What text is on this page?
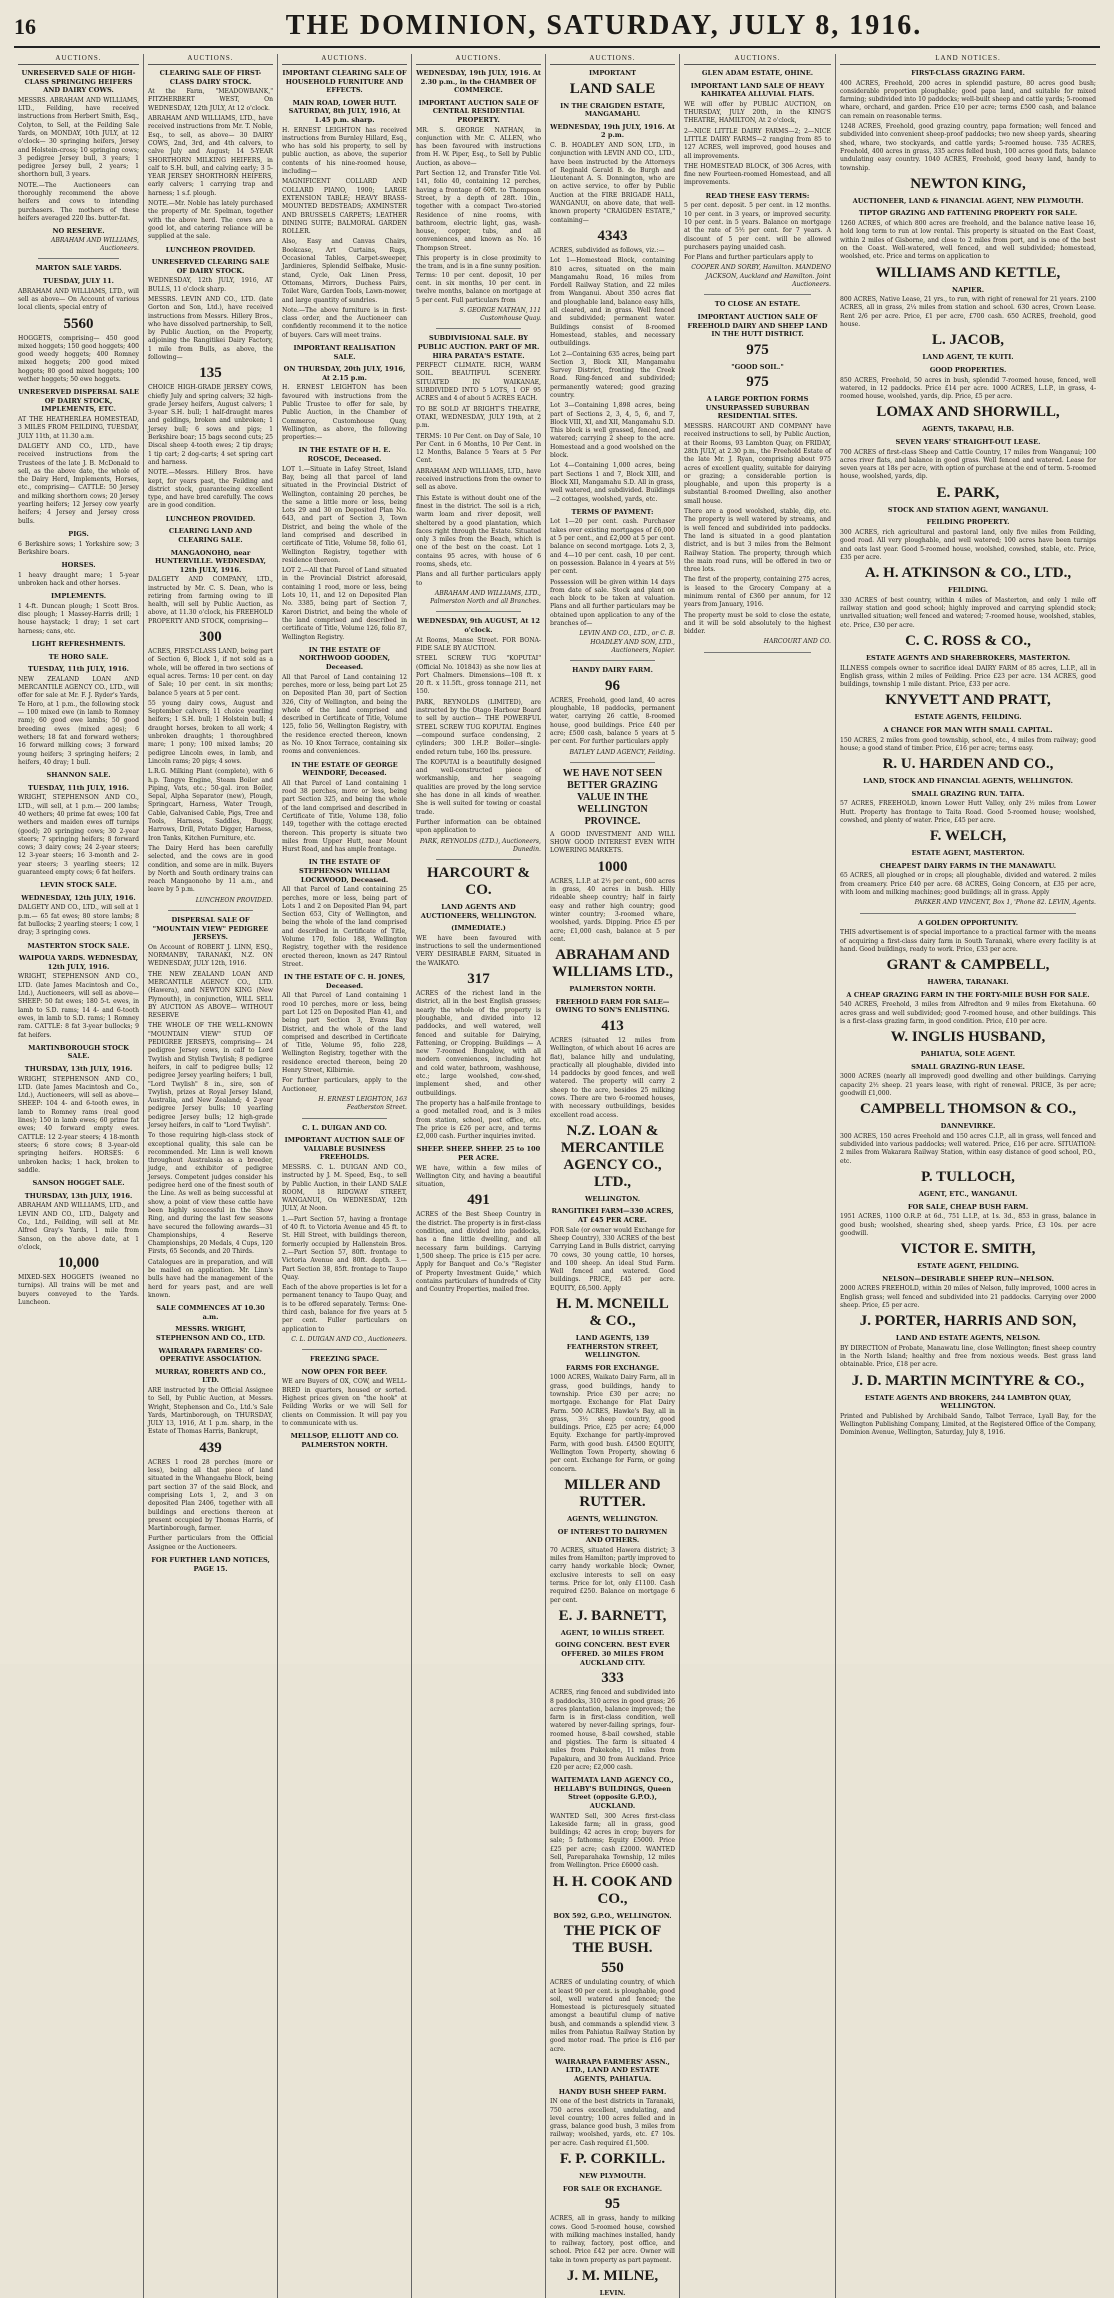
16	THE DOMINION, SATURDAY, JULY 8, 1916.
AUCTIONS.
UNRESERVED SALE OF HIGH-CLASS SPRINGING HEIFERS AND DAIRY COWS.
MESSRS. ABRAHAM AND WILLIAMS, LTD., Feilding, have received instructions from Herbert Smith, Esq., Colyton, to Sell, at the Feilding Sale Yards, on MONDAY, 10th JULY, at 12 o'clock— 30 springing heifers, Jersey and Holstein-cross; 10 springing cows; 3 pedigree Jersey bull, 3 years; 1 pedigree Jersey bull, 2 years; 1 shorthorn bull, 3 years.
NOTE.—The Auctioneers can thoroughly recommend the above heifers and cows to intending purchasers. The mothers of these heifers averaged 220 lbs. butter-fat.
NO RESERVE.
ABRAHAM AND WILLIAMS, Auctioneers.
MARTON SALE YARDS.
TUESDAY, JULY 11.
ABRAHAM AND WILLIAMS, LTD., will sell as above— On Account of various local clients, special entry of
5560
HOGGETS, comprising— 450 good mixed hoggets; 150 good hoggets; 400 good weedy hoggets; 400 Romney mixed hoggets; 200 good mixed hoggets; 80 good mixed hoggets; 100 wether hoggets; 50 ewe hoggets.
UNRESERVED DISPERSAL SALE OF DAIRY STOCK, IMPLEMENTS, ETC.
AT THE HEATHERLEA HOMESTEAD, 3 MILES FROM FEILDING, TUESDAY, JULY 11th, at 11.30 a.m.
DALGETY AND CO., LTD., have received instructions from the Trustees of the late J. B. McDonald to sell, as the above date, the whole of the Dairy Herd, Implements, Horses, etc., comprising— CATTLE: 50 Jersey and milking shorthorn cows; 20 Jersey yearling heifers; 12 Jersey cow yearly heifers; 4 Jersey and Jersey cross bulls.
PIGS.
6 Berkshire sows; 1 Yorkshire sow; 3 Berkshire boars.
HORSES.
1 heavy draught mare; 1 5-year unbroken hack and other horses.
IMPLEMENTS.
1 4-ft. Duncan plough; 1 Scott Bros. disc plough; 1 Massey-Harris drill; 1 house haystack; 1 dray; 1 set cart harness; cans, etc.
LIGHT REFRESHMENTS.
TE HORO SALE.
TUESDAY, 11th JULY, 1916.
NEW ZEALAND LOAN AND MERCANTILE AGENCY CO., LTD., will offer for sale at Mr. F. J. Ryder's Yards, Te Horo, at 1 p.m., the following stock— 100 mixed ewe (in lamb to Romney ram); 60 good ewe lambs; 50 good breeding ewes (mixed ages); 6 wethers; 18 fat and forward wethers; 16 forward milking cows; 3 forward young heifers; 3 springing heifers; 2 heifers, 40 dray; 1 bull.
SHANNON SALE.
TUESDAY, 11th JULY, 1916.
WRIGHT, STEPHENSON AND CO., LTD., will sell, at 1 p.m.— 200 lambs; 40 wethers; 40 prime fat ewes; 100 fat wethers and maiden ewes off turnips (good); 20 springing cows; 30 2-year steers; 7 springing heifers; 8 forward cows; 3 dairy cows; 24 2-year steers; 12 3-year steers; 16 3-month and 2-year steers; 3 yearling steers; 12 guaranteed empty cows; 6 fat heifers.
LEVIN STOCK SALE.
WEDNESDAY, 12th JULY, 1916.
DALGETY AND CO., LTD., will sell at 1 p.m.— 65 fat ewes; 80 store lambs; 8 fat bullocks; 2 yearling steers; 1 cow, 1 dray; 3 springing cows.
MASTERTON STOCK SALE.
WAIPOUA YARDS. WEDNESDAY, 12th JULY, 1916.
WRIGHT, STEPHENSON AND CO., LTD. (late James Macintosh and Co., Ltd.), Auctioneers, will sell as above— SHEEP: 50 fat ewes; 180 5-t. ewes, in lamb to S.D. rams; 14 4- and 6-tooth ewes, in lamb to S.D. rams; 1 Romney ram. CATTLE: 8 fat 3-year bullocks; 9 fat heifers.
MARTINBOROUGH STOCK SALE.
THURSDAY, 13th JULY, 1916.
WRIGHT, STEPHENSON AND CO., LTD. (late James Macintosh and Co., Ltd.), Auctioneers, will sell as above— SHEEP: 104 4- and 6-tooth ewes, in lamb to Romney rams (real good lines); 150 in lamb ewes; 60 prime fat ewes; 40 forward empty ewes. CATTLE: 12 2-year steers; 4 18-month steers; 6 store cows; 8 3-year-old springing heifers. HORSES: 6 unbroken hacks; 1 hack, broken to saddle.
SANSON HOGGET SALE.
THURSDAY, 13th JULY, 1916.
ABRAHAM AND WILLIAMS, LTD., and LEVIN AND CO., LTD., Dalgety and Co., Ltd., Feilding, will sell at Mr. Alfred Gray's Yards, 1 mile from Sanson, on the above date, at 1 o'clock,
10,000
MIXED-SEX HOGGETS (weaned no turnips). All trains will be met and buyers conveyed to the Yards. Luncheon.
AUCTIONS.
CLEARING SALE OF FIRST-CLASS DAIRY STOCK.
At the Farm, "MEADOWBANK," FITZHERBERT WEST, On WEDNESDAY, 12th JULY, At 12 o'clock.
ABRAHAM AND WILLIAMS, LTD., have received instructions from Mr. T. Noble, Esq., to sell, as above— 30 DAIRY COWS, 2nd, 3rd, and 4th calvers, to calve July and August; 14 5-YEAR SHORTHORN MILKING HEIFERS, in calf to S.H. bull, and calving early; 3 5-YEAR JERSEY SHORTHORN HEIFERS, early calvers; 1 carrying trap and harness; 1 s.f. plough.
NOTE.—Mr. Noble has lately purchased the property of Mr. Spelman, together with the above herd. The cows are a good lot, and catering reliance will be supplied at the sale.
LUNCHEON PROVIDED.
UNRESERVED CLEARING SALE OF DAIRY STOCK.
WEDNESDAY, 12th JULY, 1916, AT BULLS, 11 o'clock sharp.
MESSRS. LEVIN AND CO., LTD. (late Gorton and Son, Ltd.), have received instructions from Messrs. Hillery Bros., who have dissolved partnership, to Sell, by Public Auction, on the Property, adjoining the Rangitikei Dairy Factory, 1 mile from Bulls, as above, the following—
135
CHOICE HIGH-GRADE JERSEY COWS, chiefly July and spring calvers; 32 high-grade Jersey heifers, August calvers; 1 3-year S.H. bull; 1 half-draught mares and geldings, broken and unbroken; 1 Jersey bull; 6 sows and pigs; 1 Berkshire boar; 15 bags second cuts; 25 Discal sheep 4-tooth ewes; 2 tip drays; 1 tip cart; 2 dog-carts; 4 set spring cart and harness.
NOTE.—Messrs. Hillery Bros. have kept, for years past, the Feilding and district stock, guaranteeing excellent type, and have bred carefully. The cows are in good condition.
LUNCHEON PROVIDED.
CLEARING LAND AND CLEARING SALE.
MANGAONOHO, near HUNTERVILLE. WEDNESDAY, 12th JULY, 1916.
DALGETY AND COMPANY, LTD., instructed by Mr. C. S. Dean, who is retiring from farming owing to ill health, will sell by Public Auction, as above, at 11.30 o'clock, his FREEHOLD PROPERTY AND STOCK, comprising—
300
ACRES, FIRST-CLASS LAND, being part of Section 6, Block 1, if not sold as a whole, will be offered in two sections of equal acres. Terms: 10 per cent. on day of Sale; 10 per cent. in six months; balance 5 years at 5 per cent.
55 young dairy cows, August and September calvers; 11 choice yearling heifers; 1 S.H. bull; 1 Holstein bull; 4 draught horses, broken to all work; 4 unbroken draughts; 1 thoroughbred mare; 1 pony; 100 mixed lambs; 20 pedigree Lincoln ewes, in lamb, and Lincoln rams; 20 pigs; 4 sows.
L.R.G. Milking Plant (complete), with 6 h.p. Tangye Engine, Steam Boiler and Piping, Vats, etc.; 50-gal. iron Boiler, Sepal, Alpha Separator (new), Plough, Springcart, Harness, Water Trough, Cable, Galvanised Cable, Pigs, Tree and Tools, Harness, Saddles, Buggy, Harrows, Drill, Potato Digger, Harness, Iron Tanks, Kitchen Furniture, etc.
The Dairy Herd has been carefully selected, and the cows are in good condition, and some are in milk. Buyers by North and South ordinary trains can reach Mangaonoho by 11 a.m., and leave by 5 p.m.
LUNCHEON PROVIDED.
DISPERSAL SALE OF "MOUNTAIN VIEW" PEDIGREE JERSEYS.
On Account of ROBERT J. LINN, ESQ., NORMANBY, TARANAKI, N.Z. ON WEDNESDAY, JULY 12th, 1916.
THE NEW ZEALAND LOAN AND MERCANTILE AGENCY CO., LTD. (Hawera), and NEWTON KING (New Plymouth), in conjunction, WILL SELL BY AUCTION AS ABOVE— WITHOUT RESERVE
THE WHOLE OF THE WELL-KNOWN "MOUNTAIN VIEW" STUD OF PEDIGREE JERSEYS, comprising— 24 pedigree Jersey cows, in calf to Lord Twylish and Stylish Twylish; 8 pedigree heifers, in calf to pedigree bulls; 12 pedigree Jersey yearling heifers; 1 bull, "Lord Twylish" 8 in., sire, son of Twylish, prizes at Royal Jersey Island, Australia, and New Zealand; 4 2-year pedigree Jersey bulls; 10 yearling pedigree Jersey bulls; 12 high-grade Jersey heifers, in calf to "Lord Twylish".
To those requiring high-class stock of exceptional quality, this sale can be recommended. Mr. Linn is well known throughout Australasia as a breeder, judge, and exhibitor of pedigree Jerseys. Competent judges consider his pedigree herd one of the finest south of the Line. As well as being successful at show, a point of view these cattle have been highly successful in the Show Ring, and during the last few seasons have secured the following awards—31 Championships, 4 Reserve Championships, 20 Medals, 4 Cups, 120 Firsts, 65 Seconds, and 20 Thirds.
Catalogues are in preparation, and will be mailed on application. Mr. Linn's bulls have had the management of the herd for years past, and are well known.
SALE COMMENCES AT 10.30 a.m.
MESSRS. WRIGHT, STEPHENSON AND CO., LTD.
WAIRARAPA FARMERS' CO-OPERATIVE ASSOCIATION.
MURRAY, ROBERTS AND CO., LTD.
ARE instructed by the Official Assignee to Sell, by Public Auction, at Messrs. Wright, Stephenson and Co., Ltd.'s Sale Yards, Martinborough, on THURSDAY, JULY 13, 1916, At 1 p.m. sharp, in the Estate of Thomas Harris, Bankrupt,
439
ACRES 1 rood 28 perches (more or less), being all that piece of land situated in the Whangaehu Block, being part section 37 of the said Block, and comprising Lots 1, 2, and 3 on deposited Plan 2406, together with all buildings and erections thereon at present occupied by Thomas Harris, of Martinborough, farmer.
Further particulars from the Official Assignee or the Auctioneers.
FOR FURTHER LAND NOTICES, PAGE 15.
AUCTIONS.
IMPORTANT CLEARING SALE OF HOUSEHOLD FURNITURE AND EFFECTS.
MAIN ROAD, LOWER HUTT. SATURDAY, 8th JULY, 1916, At 1.45 p.m. sharp.
H. ERNEST LEIGHTON has received instructions from Burnley Hillard, Esq., who has sold his property, to sell by public auction, as above, the superior contents of his nine-roomed house, including—
MAGNIFICENT COLLARD AND COLLARD PIANO, 1900; LARGE EXTENSION TABLE; HEAVY BRASS-MOUNTED BEDSTEADS; AXMINSTER AND BRUSSELS CARPETS; LEATHER DINING SUITE; BALMORAL GARDEN ROLLER.
Also, Easy and Canvas Chairs, Bookcase, Art Curtains, Rugs, Occasional Tables, Carpet-sweeper, Jardinieres, Splendid Selfbake, Music-stand, Cycle, Oak Linen Press, Ottomans, Mirrors, Duchess Pairs, Toilet Ware, Garden Tools, Lawn-mower, and large quantity of sundries.
Note.—The above furniture is in first-class order, and the Auctioneer can confidently recommend it to the notice of buyers. Cars will meet trains.
IMPORTANT REALISATION SALE.
ON THURSDAY, 20th JULY, 1916, At 2.15 p.m.
H. ERNEST LEIGHTON has been favoured with instructions from the Public Trustee to offer for sale, by Public Auction, in the Chamber of Commerce, Customhouse Quay, Wellington, as above, the following properties:—
IN THE ESTATE OF H. E. ROSCOE, Deceased.
LOT 1.—Situate in Lafey Street, Island Bay, being all that parcel of land situated in the Provincial District of Wellington, containing 20 perches, be the same a little more or less, being Lots 29 and 30 on Deposited Plan No. 643, and part of Section 3, Town District, and being the whole of the land comprised and described in certificate of Title, Volume 58, folio 61, Wellington Registry, together with residence thereon.
LOT 2.—All that Parcel of Land situated in the Provincial District aforesaid, containing 1 rood, more or less, being Lots 10, 11, and 12 on Deposited Plan No. 3385, being part of Section 7, Karori District, and being the whole of the land comprised and described in certificate of Title, Volume 126, folio 87, Wellington Registry.
IN THE ESTATE OF NORTHWOOD GOODEN, Deceased.
All that Parcel of Land containing 12 perches, more or less, being part Lot 25 on Deposited Plan 30, part of Section 326, City of Wellington, and being the whole of the land comprised and described in Certificate of Title, Volume 125, folio 56, Wellington Registry, with the residence erected thereon, known as No. 10 Knox Terrace, containing six rooms and conveniences.
IN THE ESTATE OF GEORGE WEINDORF, Deceased.
All that Parcel of Land containing 1 rood 38 perches, more or less, being part Section 325, and being the whole of the land comprised and described in Certificate of Title, Volume 138, folio 149, together with the cottage erected thereon. This property is situate two miles from Upper Hutt, near Mount Hurst Road, and has ample frontage.
IN THE ESTATE OF STEPHENSON WILLIAM LOCKWOOD, Deceased.
All that Parcel of Land containing 25 perches, more or less, being part of Lots 1 and 2 on Deposited Plan 94, part Section 653, City of Wellington, and being the whole of the land comprised and described in Certificate of Title, Volume 170, folio 188, Wellington Registry, together with the residence erected thereon, known as 247 Rintoul Street.
IN THE ESTATE OF C. H. JONES, Deceased.
All that Parcel of Land containing 1 rood 10 perches, more or less, being part Lot 125 on Deposited Plan 41, and being part Section 3, Evans Bay District, and the whole of the land comprised and described in Certificate of Title, Volume 95, folio 228, Wellington Registry, together with the residence erected thereon, being 20 Henry Street, Kilbirnie.
For further particulars, apply to the Auctioneer,
H. ERNEST LEIGHTON, 163 Featherston Street.
C. L. DUIGAN AND CO.
IMPORTANT AUCTION SALE OF VALUABLE BUSINESS FREEHOLDS.
MESSRS. C. L. DUIGAN AND CO., instructed by J. M. Speed, Esq., to sell by Public Auction, in their LAND SALE ROOM, 18 RIDGWAY STREET, WANGANUI, On WEDNESDAY, 12th JULY, At Noon.
1.—Part Section 57, having a frontage of 40 ft. to Victoria Avenue and 45 ft. to St. Hill Street, with buildings thereon, formerly occupied by Hallenstein Bros. 2.—Part Section 57, 80ft. frontage to Victoria Avenue and 80ft. depth. 3.—Part Section 38, 85ft. frontage to Taupo Quay.
Each of the above properties is let for a permanent tenancy to Taupo Quay, and is to be offered separately. Terms: One-third cash, balance for five years at 5 per cent. Fuller particulars on application to
C. L. DUIGAN AND CO., Auctioneers.
FREEZING SPACE.
NOW OPEN FOR BEEF.
WE are Buyers of OX, COW, and WELL-BRED in quarters, housed or sorted. Highest prices given on "the hook" at Feilding Works or we will Sell for clients on Commission. It will pay you to communicate with us.
MELLSOP, ELLIOTT AND CO. PALMERSTON NORTH.
AUCTIONS.
WEDNESDAY, 19th JULY, 1916. At 2.30 p.m., in the CHAMBER OF COMMERCE.
IMPORTANT AUCTION SALE OF CENTRAL RESIDENTIAL PROPERTY.
MR. S. GEORGE NATHAN, in conjunction with Mr. C. ALLEN, who has been favoured with instructions from H. W. Piper, Esq., to Sell by Public Auction, as above—
Part Section 12, and Transfer Title Vol. 141, folio 40, containing 12 perches, having a frontage of 60ft. to Thompson Street, by a depth of 28ft. 10in., together with a compact Two-storied Residence of nine rooms, with bathroom, electric light, gas, wash-house, copper, tubs, and all conveniences, and known as No. 16 Thompson Street.
This property is in close proximity to the tram, and is in a fine sunny position. Terms: 10 per cent. deposit, 10 per cent. in six months, 10 per cent. in twelve months, balance on mortgage at 5 per cent. Full particulars from
S. GEORGE NATHAN, 111 Customhouse Quay.
SUBDIVISIONAL SALE. BY PUBLIC AUCTION. PART OF MR. HIRA PARATA'S ESTATE.
PERFECT CLIMATE. RICH, WARM SOIL. BEAUTIFUL SCENERY. SITUATED IN WAIKANAE, SUBDIVIDED INTO 5 LOTS, 1 OF 95 ACRES and 4 of about 5 ACRES EACH.
TO BE SOLD AT BRIGHT'S THEATRE, OTAKI, WEDNESDAY, JULY 19th, at 2 p.m.
TERMS: 10 Per Cent. on Day of Sale, 10 Per Cent. in 6 Months, 10 Per Cent. in 12 Months, Balance 5 Years at 5 Per Cent.
ABRAHAM AND WILLIAMS, LTD., have received instructions from the owner to sell as above.
This Estate is without doubt one of the finest in the district. The soil is a rich, warm loam and river deposit, well sheltered by a good plantation, which faces right through the Estate. Situated only 3 miles from the Beach, which is one of the best on the coast. Lot 1 contains 95 acres, with house of 6 rooms, sheds, etc.
Plans and all further particulars apply to
ABRAHAM AND WILLIAMS, LTD., Palmerston North and all Branches.
WEDNESDAY, 9th AUGUST, At 12 o'clock.
At Rooms, Manse Street. FOR BONA-FIDE SALE BY AUCTION.
STEEL SCREW TUG "KOPUTAI" (Official No. 101843) as she now lies at Port Chalmers. Dimensions—108 ft. x 20 ft. x 11.5ft., gross tonnage 211, net 150.
PARK, REYNOLDS (LIMITED), are instructed by the Otago Harbour Board to sell by auction— THE POWERFUL STEEL SCREW TUG KOPUTAI. Engines—compound surface condensing, 2 cylinders; 300 I.H.P. Boiler—single-ended return tube, 160 lbs. pressure.
The KOPUTAI is a beautifully designed and well-constructed piece of workmanship, and her seagoing qualities are proved by the long service she has done in all kinds of weather. She is well suited for towing or coastal trade.
Further information can be obtained upon application to
PARK, REYNOLDS (LTD.), Auctioneers, Dunedin.
HARCOURT & CO.
LAND AGENTS AND AUCTIONEERS, WELLINGTON.
(IMMEDIATE.)
WE have been favoured with instructions to sell the undermentioned VERY DESIRABLE FARM, Situated in the WAIKATO.
317
ACRES of the richest land in the district, all in the best English grasses; nearly the whole of the property is ploughable, and divided into 12 paddocks, and well watered, well fenced and suitable for Dairying, Fattening, or Cropping. Buildings — A new 7-roomed Bungalow, with all modern conveniences, including hot and cold water, bathroom, washhouse, etc.; large woolshed, cow-shed, implement shed, and other outbuildings.
The property has a half-mile frontage to a good metalled road, and is 3 miles from station, school, post office, etc. The price is £26 per acre, and terms £2,000 cash. Further inquiries invited.
SHEEP. SHEEP. SHEEP. 25 to 100 PER ACRE.
WE have, within a few miles of Wellington City, and having a beautiful situation,
491
ACRES of the Best Sheep Country in the district. The property is in first-class condition, and divided into paddocks, has a fine little dwelling, and all necessary farm buildings. Carrying 1,500 sheep. The price is £15 per acre. Apply for Banquet and Co.'s "Register of Property Investment Guide," which contains particulars of hundreds of City and Country Properties, mailed free.
AUCTIONS.
IMPORTANT
LAND SALE
IN THE CRAIGDEN ESTATE, MANGAMAHU.
WEDNESDAY, 19th JULY, 1916. At 2 p.m.
C. B. HOADLEY AND SON, LTD., in conjunction with LEVIN AND CO., LTD., have been instructed by the Attorneys of Reginald Gerald B. de Burgh and Lieutenant A. S. Donnington, who are on active service, to offer by Public Auction at the FIRE BRIGADE HALL, WANGANUI, on above date, that well-known property "CRAIGDEN ESTATE," containing—
4343
ACRES, subdivided as follows, viz.:—
Lot 1—Homestead Block, containing 810 acres, situated on the main Mangamahu Road, 16 miles from Fordell Railway Station, and 22 miles from Wanganui. About 350 acres flat and ploughable land, balance easy hills, all cleared, and in grass. Well fenced and subdivided; permanent water. Buildings consist of 8-roomed Homestead, stables, and necessary outbuildings.
Lot 2—Containing 635 acres, being part Section 3, Block XII, Mangamahu Survey District, fronting the Creek Road. Ring-fenced and subdivided; permanently watered; good grazing country.
Lot 3—Containing 1,898 acres, being part of Sections 2, 3, 4, 5, 6, and 7, Block VIII, XI, and XII, Mangamahu S.D. This block is well grassed, fenced, and watered; carrying 2 sheep to the acre. Homestead and a good woolshed on the block.
Lot 4—Containing 1,000 acres, being part Sections 1 and 7, Block XIII, and Block XII, Mangamahu S.D. All in grass, well watered, and subdivided. Buildings—2 cottages, woolshed, yards, etc.
TERMS OF PAYMENT:
Lot 1—20 per cent. cash. Purchaser takes over existing mortgages of £6,000 at 5 per cent., and £2,000 at 5 per cent. balance on second mortgage. Lots 2, 3, and 4—10 per cent. cash, 10 per cent. on possession. Balance in 4 years at 5½ per cent.
Possession will be given within 14 days from date of sale. Stock and plant on each block to be taken at valuation. Plans and all further particulars may be obtained upon application to any of the branches of—
LEVIN AND CO., LTD., or C. B. HOADLEY AND SON, LTD., Auctioneers, Napier.
HANDY DAIRY FARM.
96
ACRES, Freehold, good land, 40 acres ploughable, 18 paddocks, permanent water, carrying 26 cattle, 8-roomed house, good buildings. Price £40 per acre; £500 cash, balance 5 years at 5 per cent. For further particulars apply
BATLEY LAND AGENCY, Feilding.
WE HAVE NOT SEEN BETTER GRAZING VALUE IN THE WELLINGTON PROVINCE.
A GOOD INVESTMENT AND WILL SHOW GOOD INTEREST EVEN WITH LOWERING MARKETS.
1000
ACRES, L.I.P. at 2½ per cent., 600 acres in grass, 40 acres in bush. Hilly rideable sheep country; half in fairly easy and rather high country; good winter country; 3-roomed whare, woolshed, yards. Dipping. Price £5 per acre; £1,000 cash, balance at 5 per cent.
ABRAHAM AND WILLIAMS LTD.,
PALMERSTON NORTH.
FREEHOLD FARM FOR SALE—OWING TO SON'S ENLISTING.
413
ACRES (situated 12 miles from Wellington, of which about 16 acres are flat), balance hilly and undulating, practically all ploughable, divided into 14 paddocks by good fences, and well watered. The property will carry 2 sheep to the acre, besides 25 milking cows. There are two 6-roomed houses, with necessary outbuildings, besides excellent road access.
N.Z. LOAN & MERCANTILE AGENCY CO., LTD.,
WELLINGTON.
RANGITIKEI FARM—330 ACRES, AT £45 PER ACRE.
FOR Sale (or owner would Exchange for Sheep Country), 330 ACRES of the best Carrying Land in Bulls district, carrying 70 cows, 30 young cattle, 10 horses, and 100 sheep. An ideal Stud Farm. Well fenced and watered. Good buildings. PRICE, £45 per acre. EQUITY, £6,500. Apply
H. M. MCNEILL & CO.,
LAND AGENTS, 139 FEATHERSTON STREET, WELLINGTON.
FARMS FOR EXCHANGE.
1000 ACRES, Waikato Dairy Farm, all in grass, good buildings, handy to township. Price £30 per acre; no mortgage. Exchange for Flat Dairy Farm. 500 ACRES, Hawke's Bay, all in grass, 3½ sheep country, good buildings. Price, £25 per acre; £4,000 Equity. Exchange for partly-improved Farm, with good bush. £4500 EQUITY, Wellington Town Property, showing 6 per cent. Exchange for Farm, or going concern.
MILLER AND RUTTER.
AGENTS, WELLINGTON.
OF INTEREST TO DAIRYMEN AND OTHERS.
70 ACRES, situated Hawera district; 3 miles from Hamilton; partly improved to carry handy workable block; Owner, exclusive interests to sell on easy terms. Price for lot, only £1100. Cash required £250. Balance on mortgage 6 per cent.
E. J. BARNETT,
AGENT, 10 WILLIS STREET.
GOING CONCERN. BEST EVER OFFERED. 30 MILES FROM AUCKLAND CITY.
333
ACRES, ring fenced and subdivided into 8 paddocks, 310 acres in good grass; 26 acres plantation, balance improved; the farm is in first-class condition, well watered by never-failing springs, four-roomed house, 8-bail cowshed, stable and pigsties. The farm is situated 4 miles from Pukekohe, 11 miles from Papakura, and 30 from Auckland. Price £20 per acre; £2,000 cash.
WAITEMATA LAND AGENCY CO., HELLABY'S BUILDINGS, Queen Street (opposite G.P.O.), AUCKLAND.
WANTED Sell, 300 Acres first-class Lakeside farm; all in grass, good buildings; 42 acres in crop; buyers for sale; 5 fathoms; Equity £5000. Price £25 per acre; cash £2000. WANTED Sell, Pareparahaka Township, 12 miles from Wellington. Price £6000 cash.
H. H. COOK AND CO.,
BOX 592, G.P.O., WELLINGTON.
THE PICK OF THE BUSH.
550
ACRES of undulating country, of which at least 90 per cent. is ploughable, good soil, well watered and fenced; the Homestead is picturesquely situated amongst a beautiful clump of native bush, and commands a splendid view. 3 miles from Pahiatua Railway Station by good motor road. The price is £16 per acre.
WAIRARAPA FARMERS' ASSN., LTD., LAND AND ESTATE AGENTS, PAHIATUA.
HANDY BUSH SHEEP FARM.
IN one of the best districts in Taranaki, 750 acres excellent, undulating, and level country; 100 acres felled and in grass, balance good bush, 3 miles from railway; woolshed, yards, etc. £7 10s. per acre. Cash required £1,500.
F. P. CORKILL.
NEW PLYMOUTH.
FOR SALE OR EXCHANGE.
95
ACRES, all in grass, handy to milking cows. Good 5-roomed house, cowshed with milking machines installed, handy to railway, factory, post office, and school. Price £42 per acre. Owner will take in town property as part payment.
J. M. MILNE,
LEVIN.
AUCTIONS.
GLEN ADAM ESTATE, OHINE.
IMPORTANT LAND SALE OF HEAVY KAHIKATEA ALLUVIAL FLATS.
WE will offer by PUBLIC AUCTION, on THURSDAY, JULY 20th, in the KING'S THEATRE, HAMILTON, At 2 o'clock,
2—NICE LITTLE DAIRY FARMS—2; 2—NICE LITTLE DAIRY FARMS—2 ranging from 85 to 127 ACRES, well improved, good houses and all improvements.
THE HOMESTEAD BLOCK, of 306 Acres, with fine new Fourteen-roomed Homestead, and all improvements.
READ THESE EASY TERMS:
5 per cent. deposit. 5 per cent. in 12 months. 10 per cent. in 3 years, or improved security. 10 per cent. in 5 years. Balance on mortgage at the rate of 5½ per cent. for 7 years. A discount of 5 per cent. will be allowed purchasers paying unaided cash.
For Plans and further particulars apply to
COOPER AND SORBY, Hamilton. MANDENO JACKSON, Auckland and Hamilton. Joint Auctioneers.
TO CLOSE AN ESTATE.
IMPORTANT AUCTION SALE OF FREEHOLD DAIRY AND SHEEP LAND IN THE HUTT DISTRICT.
975
"GOOD SOIL."
975
A LARGE PORTION FORMS UNSURPASSED SUBURBAN RESIDENTIAL SITES.
MESSRS. HARCOURT AND COMPANY have received instructions to sell, by Public Auction, at their Rooms, 93 Lambton Quay, on FRIDAY, 28th JULY, at 2.30 p.m., the Freehold Estate of the late Mr. J. Ryan, comprising about 975 acres of excellent quality, suitable for dairying or grazing; a considerable portion is ploughable, and upon this property is a substantial 8-roomed Dwelling, also another small house.
There are a good woolshed, stable, dip, etc. The property is well watered by streams, and is well fenced and subdivided into paddocks. The land is situated in a good plantation district, and is but 3 miles from the Belmont Railway Station. The property, through which the main road runs, will be offered in two or three lots.
The first of the property, containing 275 acres, is leased to the Grocery Company at a minimum rental of £360 per annum, for 12 years from January, 1916.
The property must be sold to close the estate, and it will be sold absolutely to the highest bidder.
HARCOURT AND CO.
LAND NOTICES.
FIRST-CLASS GRAZING FARM.
400 ACRES, Freehold, 200 acres in splendid pasture, 80 acres good bush; considerable proportion ploughable; good papa land, and suitable for mixed farming; subdivided into 10 paddocks; well-built sheep and cattle yards; 5-roomed whare, orchard, and garden. Price £10 per acre; terms £500 cash, and balance can remain on reasonable terms.
1248 ACRES, Freehold, good grazing country, papa formation; well fenced and subdivided into convenient sheep-proof paddocks; two new sheep yards, shearing shed, whare, two stockyards, and cattle yards; 5-roomed house. 735 ACRES, Freehold, 400 acres in grass, 335 acres felled bush, 100 acres good flats, balance undulating easy country. 1040 ACRES, Freehold, good heavy land, handy to township.
NEWTON KING,
AUCTIONEER, LAND & FINANCIAL AGENT, NEW PLYMOUTH.
TIPTOP GRAZING AND FATTENING PROPERTY FOR SALE.
1260 ACRES, of which 800 acres are freehold, and the balance native lease 16, hold long term to run at low rental. This property is situated on the East Coast, within 2 miles of Gisborne, and close to 2 miles from port, and is one of the best on the Coast. Well-watered, well fenced, and well subdivided; homestead, woolshed, etc. Price and terms on application to
WILLIAMS AND KETTLE,
NAPIER.
800 ACRES, Native Lease, 21 yrs., to run, with right of renewal for 21 years. 2100 ACRES, all in grass, 2¼ miles from station and school. 630 acres, Crown Lease. Rent 2/6 per acre. Price, £1 per acre, £700 cash. 650 ACRES, freehold, good house.
L. JACOB,
LAND AGENT, TE KUITI.
GOOD PROPERTIES.
850 ACRES, Freehold, 50 acres in bush, splendid 7-roomed house, fenced, well watered, in 12 paddocks. Price £14 per acre. 1000 ACRES, L.I.P., in grass, 4-roomed house, woolshed, yards, dip. Price, £5 per acre.
LOMAX AND SHORWILL,
AGENTS, TAKAPAU, H.B.
SEVEN YEARS' STRAIGHT-OUT LEASE.
700 ACRES of first-class Sheep and Cattle Country, 17 miles from Wanganui; 100 acres river flats, and balance in good grass. Well fenced and watered. Lease for seven years at 18s per acre, with option of purchase at the end of term. 5-roomed house, woolshed, yards, dip.
E. PARK,
STOCK AND STATION AGENT, WANGANUI.
FEILDING PROPERTY.
300 ACRES, rich agricultural and pastoral land, only five miles from Feilding, good road. All very ploughable, and well watered; 100 acres have been turnips and oats last year. Good 5-roomed house, woolshed, cowshed, stable, etc. Price, £35 per acre.
A. H. ATKINSON & CO., LTD.,
FEILDING.
330 ACRES of best country, within 4 miles of Masterton, and only 1 mile off railway station and good school; highly improved and carrying splendid stock; unrivalled situation; well fenced and watered; 7-roomed house, woolshed, stables, etc. Price, £30 per acre.
C. C. ROSS & CO.,
ESTATE AGENTS AND SHAREBROKERS, MASTERTON.
ILLNESS compels owner to sacrifice ideal DAIRY FARM of 85 acres, L.I.P., all in English grass, within 2 miles of Feilding. Price £23 per acre. 134 ACRES, good buildings, township 1 mile distant. Price, £33 per acre.
KNYVETT AND PRATT,
ESTATE AGENTS, FEILDING.
A CHANCE FOR MAN WITH SMALL CAPITAL.
150 ACRES, 2 miles from good township, school, etc., 4 miles from railway; good house; a good stand of timber. Price, £16 per acre; terms easy.
R. U. HARDEN AND CO.,
LAND, STOCK AND FINANCIAL AGENTS, WELLINGTON.
SMALL GRAZING RUN. TAITA.
57 ACRES, FREEHOLD, known Lower Hutt Valley, only 2½ miles from Lower Hutt. Property has frontage to Taita Road. Good 5-roomed house; woolshed, cowshed, and plenty of water. Price, £45 per acre.
F. WELCH,
ESTATE AGENT, MASTERTON.
CHEAPEST DAIRY FARMS IN THE MANAWATU.
65 ACRES, all ploughed or in crops; all ploughable, divided and watered. 2 miles from creamery. Price £40 per acre. 68 ACRES, Going Concern, at £35 per acre, with loom and milking machines; good buildings; all in grass. Apply
PARKER AND VINCENT, Box 1, 'Phone 82. LEVIN, Agents.
A GOLDEN OPPORTUNITY.
THIS advertisement is of special importance to a practical farmer with the means of acquiring a first-class dairy farm in South Taranaki, where every facility is at hand. Good buildings, ready to work. Price, £33 per acre.
GRANT & CAMPBELL,
HAWERA, TARANAKI.
A CHEAP GRAZING FARM IN THE FORTY-MILE BUSH FOR SALE.
540 ACRES, Freehold, 3 miles from Alfredton and 9 miles from Eketahuna. 60 acres grass and well subdivided; good 7-roomed house, and other buildings. This is a first-class grazing farm, in good condition. Price, £10 per acre.
W. INGLIS HUSBAND,
PAHIATUA, SOLE AGENT.
SMALL GRAZING-RUN LEASE.
3000 ACRES (nearly all improved) good dwelling and other buildings. Carrying capacity 2½ sheep. 21 years lease, with right of renewal. PRICE, 3s per acre; goodwill £1,000.
CAMPBELL THOMSON & CO.,
DANNEVIRKE.
300 ACRES, 150 acres Freehold and 150 acres C.I.P., all in grass, well fenced and subdivided into various paddocks; well watered. Price, £16 per acre. SITUATION: 2 miles from Wakarara Railway Station, within easy distance of good school, P.O., etc.
P. TULLOCH,
AGENT, ETC., WANGANUI.
FOR SALE, CHEAP BUSH FARM.
1951 ACRES, 1100 O.R.P. at 6d., 751 L.I.P., at 1s. 3d., 853 in grass, balance in good bush; woolshed, shearing shed, sheep yards. Price, £3 10s. per acre goodwill.
VICTOR E. SMITH,
ESTATE AGENT, FEILDING.
NELSON—DESIRABLE SHEEP RUN—NELSON.
2000 ACRES FREEHOLD, within 20 miles of Nelson, fully improved, 1000 acres in English grass; well fenced and subdivided into 21 paddocks. Carrying over 2000 sheep. Price, £5 per acre.
J. PORTER, HARRIS AND SON,
LAND AND ESTATE AGENTS, NELSON.
BY DIRECTION of Probate, Manawatu line, close Wellington; finest sheep country in the North Island; healthy and free from noxious weeds. Best grass land obtainable. Price, £18 per acre.
J. D. MARTIN MCINTYRE & CO.,
ESTATE AGENTS AND BROKERS, 244 LAMBTON QUAY, WELLINGTON.
Printed and Published by Archibald Sando, Talbot Terrace, Lyall Bay, for the Wellington Publishing Company, Limited, at the Registered Office of the Company, Dominion Avenue, Wellington, Saturday, July 8, 1916.
